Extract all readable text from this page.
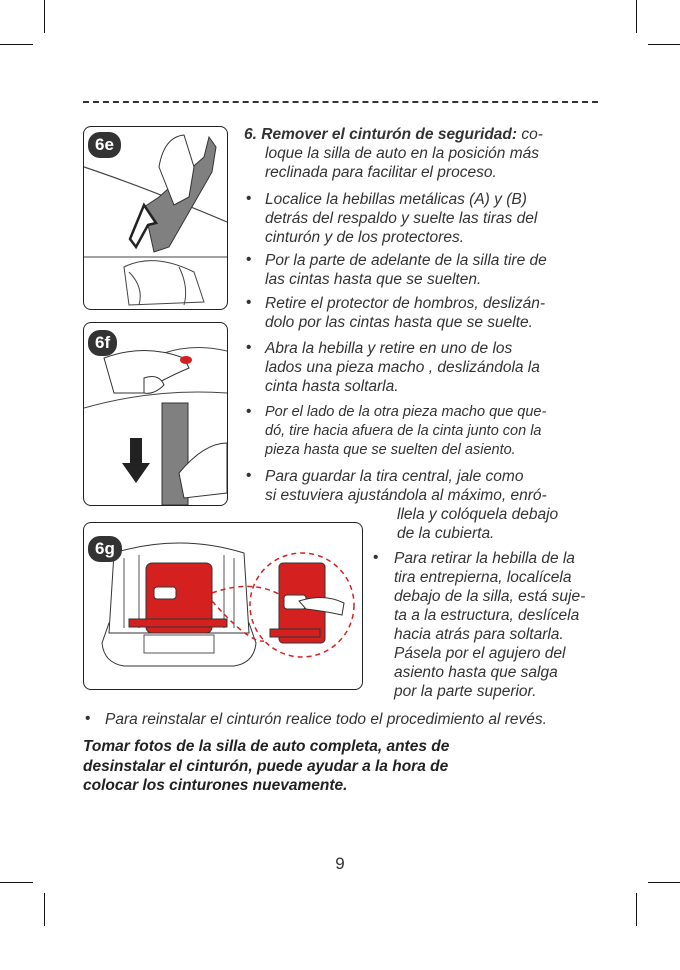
6e
6f
6g
6. Remover el cinturón de seguridad: co-
loque la silla de auto en la posición más
reclinada para facilitar el proceso.
• Localice la hebillas metálicas (A) y (B)
detrás del respaldo y suelte las tiras del
cinturón y de los protectores.
• Por la parte de adelante de la silla tire de
las cintas hasta que se suelten.
• Retire el protector de hombros, deslizán-
dolo por las cintas hasta que se suelte.
• Abra la hebilla y retire en uno de los
lados una pieza macho , deslizándola la
cinta hasta soltarla.
• Por el lado de la otra pieza macho que que-
dó, tire hacia afuera de la cinta junto con la
pieza hasta que se suelten del asiento.
• Para guardar la tira central, jale como
si estuviera ajustándola al máximo, enró-
llela y colóquela debajo
de la cubierta.
• Para retirar la hebilla de la
tira entrepierna, localícela
debajo de la silla, está suje-
ta a la estructura, deslícela
hacia atrás para soltarla.
Pásela por el agujero del
asiento hasta que salga
por la parte superior.
• Para reinstalar el cinturón realice todo el procedimiento al revés.
Tomar fotos de la silla de auto completa, antes de
desinstalar el cinturón, puede ayudar a la hora de
colocar los cinturones nuevamente.
9
